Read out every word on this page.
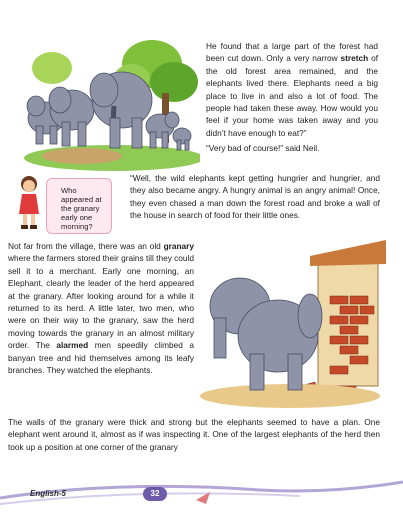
He found that a large part of the forest had been cut down. Only a very narrow stretch of the old forest area remained, and the elephants lived there. Elephants need a big place to live in and also a lot of food. The people had taken these away. How would you feel if your home was taken away and you didn’t have enough to eat?”

“Very bad of course!” said Neil.

Who appeared at the granary early one morning?

“Well, the wild elephants kept getting hungrier and hungrier, and they also became angry. A hungry animal is an angry animal! Once, they even chased a man down the forest road and broke a wall of the house in search of food for their little ones.

Not far from the village, there was an old granary where the farmers stored their grains till they could sell it to a merchant. Early one morning, an Elephant, clearly the leader of the herd appeared at the granary. After looking around for a while it returned to its herd. A little later, two men, who were on their way to the granary, saw the herd moving towards the granary in an almost military order. The alarmed men speedily climbed a banyan tree and hid themselves among its leafy branches. They watched the elephants.

The walls of the granary were thick and strong but the elephants seemed to have a plan. One elephant went around it, almost as if was inspecting it. One of the largest elephants of the herd then took up a position at one corner of the granary

English-5	32
